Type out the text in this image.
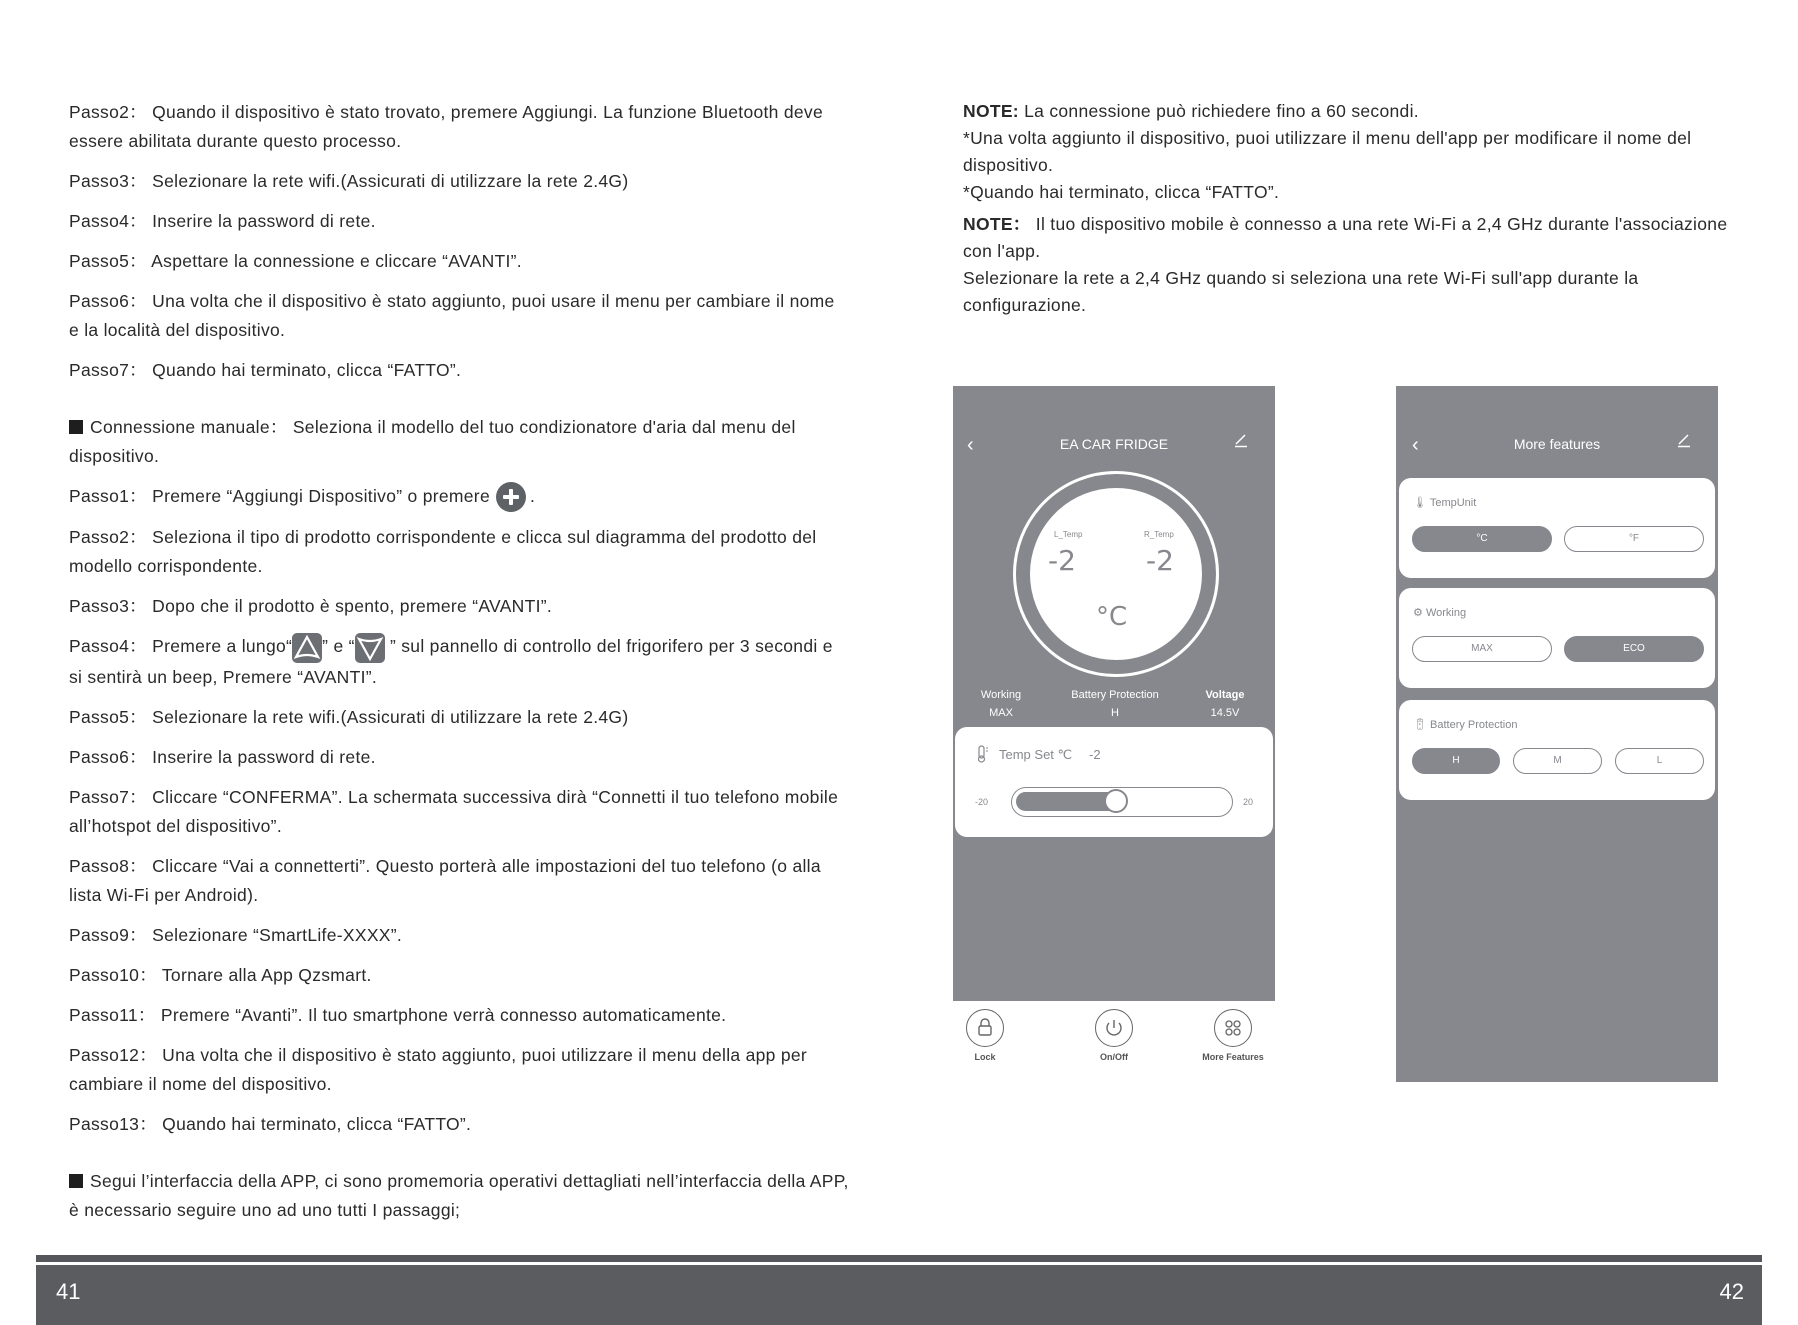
Passo2： Quando il dispositivo è stato trovato, premere Aggiungi. La funzione Bluetooth deve essere abilitata durante questo processo.

Passo3： Selezionare la rete wifi.(Assicurati di utilizzare la rete 2.4G)

Passo4： Inserire la password di rete.

Passo5： Aspettare la connessione e cliccare “AVANTI”.

Passo6： Una volta che il dispositivo è stato aggiunto, puoi usare il menu per cambiare il nome e la località del dispositivo.

Passo7： Quando hai terminato, clicca “FATTO”.

Connessione manuale： Seleziona il modello del tuo condizionatore d'aria dal menu del dispositivo.

Passo1： Premere “Aggiungi Dispositivo” o premere .

Passo2： Seleziona il tipo di prodotto corrispondente e clicca sul diagramma del prodotto del modello corrispondente.

Passo3： Dopo che il prodotto è spento, premere “AVANTI”.

Passo4： Premere a lungo“ ” e “
” sul pannello di controllo del frigorifero per 3 secondi e si sentirà un beep, Premere “AVANTI”.

Passo5： Selezionare la rete wifi.(Assicurati di utilizzare la rete 2.4G)

Passo6： Inserire la password di rete.

Passo7： Cliccare “CONFERMA”. La schermata successiva dirà “Connetti il tuo telefono mobile all’hotspot del dispositivo”.

Passo8： Cliccare “Vai a connetterti”. Questo porterà alle impostazioni del tuo telefono (o alla lista Wi-Fi per Android).

Passo9： Selezionare “SmartLife-XXXX”.

Passo10： Tornare alla App Qzsmart.

Passo11： Premere “Avanti”. Il tuo smartphone verrà connesso automaticamente.

Passo12： Una volta che il dispositivo è stato aggiunto, puoi utilizzare il menu della app per cambiare il nome del dispositivo.

Passo13： Quando hai terminato, clicca “FATTO”.

Segui l’interfaccia della APP, ci sono promemoria operativi dettagliati nell’interfaccia della APP, è necessario seguire uno ad uno tutti I passaggi;

NOTE: La connessione può richiedere fino a 60 secondi.

*Una volta aggiunto il dispositivo, puoi utilizzare il menu dell'app per modificare il nome del dispositivo.

*Quando hai terminato, clicca “FATTO”.

NOTE： Il tuo dispositivo mobile è connesso a una rete Wi-Fi a 2,4 GHz durante l'associazione con l'app.

Selezionare la rete a 2,4 GHz quando si seleziona una rete Wi-Fi sull'app durante la configurazione.

‹	EA CAR FRIDGE
L_Temp	R_Temp
-2	-2
°C
Working
MAX
Battery Protection
H
Voltage
14.5V
Temp Set ℃ -2
-20	20
Lock	On/Off	More Features
‹	More features
🌡︎ TempUnit
°C	°F
⚙︎ Working
MAX	ECO
🔋︎ Battery Protection
H	M	L
41	42
